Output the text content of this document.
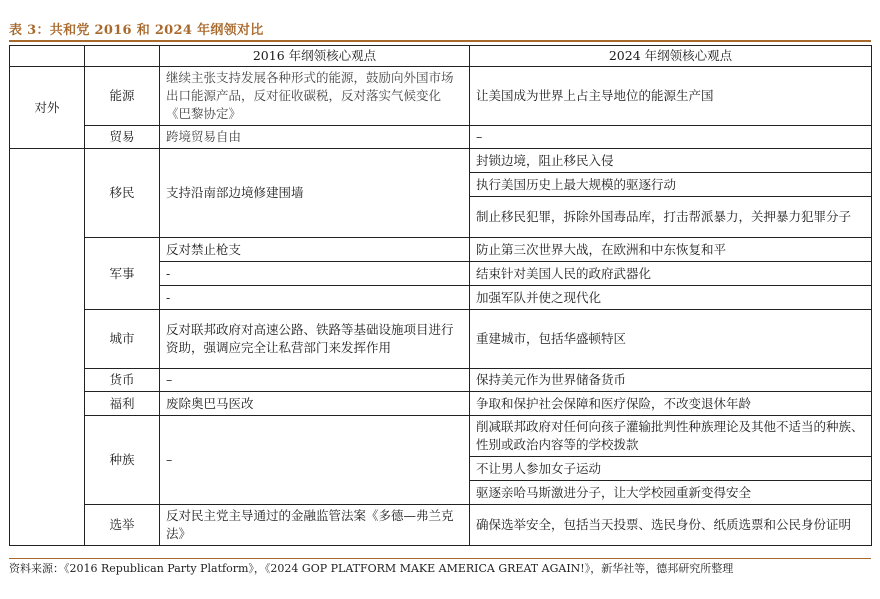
表 3：共和党 2016 和 2024 年纲领对比
		2016 年纲领核心观点	2024 年纲领核心观点
对外	能源	继续主张支持发展各种形式的能源，鼓励向外国市场出口能源产品，反对征收碳税，反对落实气候变化《巴黎协定》	让美国成为世界上占主导地位的能源生产国
	贸易	跨境贸易自由	–
	移民	支持沿南部边境修建围墙	封锁边境，阻止移民入侵
			执行美国历史上最大规模的驱逐行动
			制止移民犯罪，拆除外国毒品库，打击帮派暴力，关押暴力犯罪分子
	军事	反对禁止枪支	防止第三次世界大战，在欧洲和中东恢复和平
		-	结束针对美国人民的政府武器化
		-	加强军队并使之现代化
	城市	反对联邦政府对高速公路、铁路等基础设施项目进行资助，强调应完全让私营部门来发挥作用	重建城市，包括华盛顿特区
	货币	–	保持美元作为世界储备货币
	福利	废除奥巴马医改	争取和保护社会保障和医疗保险，不改变退休年龄
	种族	–	削减联邦政府对任何向孩子灌输批判性种族理论及其他不适当的种族、性别或政治内容等的学校拨款
			不让男人参加女子运动
			驱逐亲哈马斯激进分子，让大学校园重新变得安全
	选举	反对民主党主导通过的金融监管法案《多德—弗兰克法》	确保选举安全，包括当天投票、选民身份、纸质选票和公民身份证明
资料来源：《2016 Republican Party Platform》，《2024 GOP PLATFORM MAKE AMERICA GREAT AGAIN!》，新华社等，德邦研究所整理
